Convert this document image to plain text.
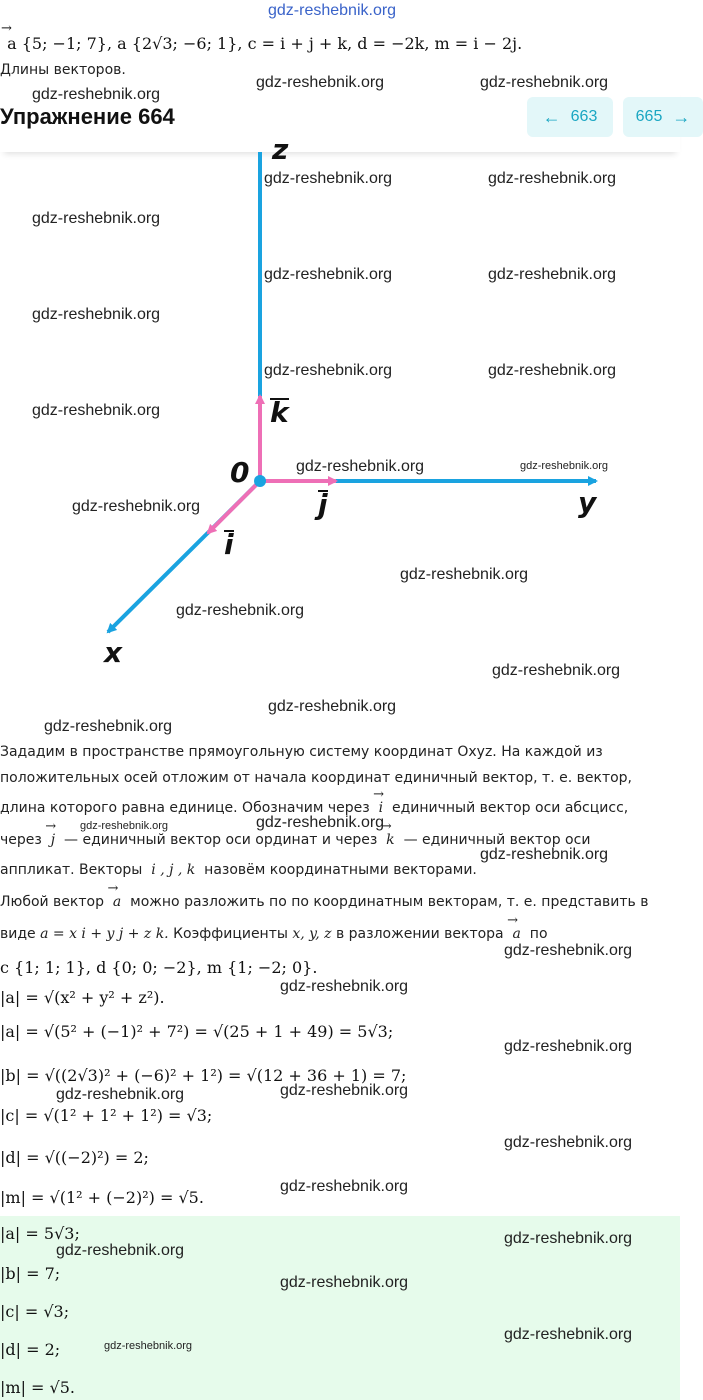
gdz-reshebnik.org
→  a {5; −1; 7}, a {2√3; −6; 1}, c = i + j + k, d = −2k, m = i − 2j.
Длины векторов.
Упражнение 664	← 663 665 →
z
0
k
j
i
y
x
Зададим в пространстве прямоугольную систему координат Oxyz. На каждой из
положительных осей отложим от начала координат единичный вектор, т. е. вектор,
длина которого равна единице. Обозначим через →  i  единичный вектор оси абсцисс,
через →  j  — единичный вектор оси ординат и через →  k  — единичный вектор оси
аппликат. Векторы  i , j , k  назовём координатными векторами.
Любой вектор →  a  можно разложить по по координатным векторам, т. е. представить в
виде a = x i + y j + z k. Коэффициенты x, y, z в разложении вектора →  a  по
c {1; 1; 1}, d {0; 0; −2}, m {1; −2; 0}.
|a| = √(x² + y² + z²).
|a| = √(5² + (−1)² + 7²) = √(25 + 1 + 49) = 5√3;
|b| = √((2√3)² + (−6)² + 1²) = √(12 + 36 + 1) = 7;
|c| = √(1² + 1² + 1²) = √3;
|d| = √((−2)²) = 2;
|m| = √(1² + (−2)²) = √5.
|a| = 5√3;
|b| = 7;
|c| = √3;
|d| = 2;
|m| = √5.
gdz-reshebnik.org
gdz-reshebnik.org	gdz-reshebnik.org
gdz-reshebnik.org	gdz-reshebnik.org
gdz-reshebnik.org
gdz-reshebnik.org	gdz-reshebnik.org
gdz-reshebnik.org
gdz-reshebnik.org	gdz-reshebnik.org
gdz-reshebnik.org
gdz-reshebnik.org	gdz-reshebnik.org
gdz-reshebnik.org
gdz-reshebnik.org
gdz-reshebnik.org
gdz-reshebnik.org
gdz-reshebnik.org
gdz-reshebnik.org
gdz-reshebnik.org	gdz-reshebnik.org
gdz-reshebnik.org
gdz-reshebnik.org
gdz-reshebnik.org
gdz-reshebnik.org
gdz-reshebnik.org
gdz-reshebnik.org
gdz-reshebnik.org
gdz-reshebnik.org
gdz-reshebnik.org
gdz-reshebnik.org
gdz-reshebnik.org
gdz-reshebnik.org
gdz-reshebnik.org
